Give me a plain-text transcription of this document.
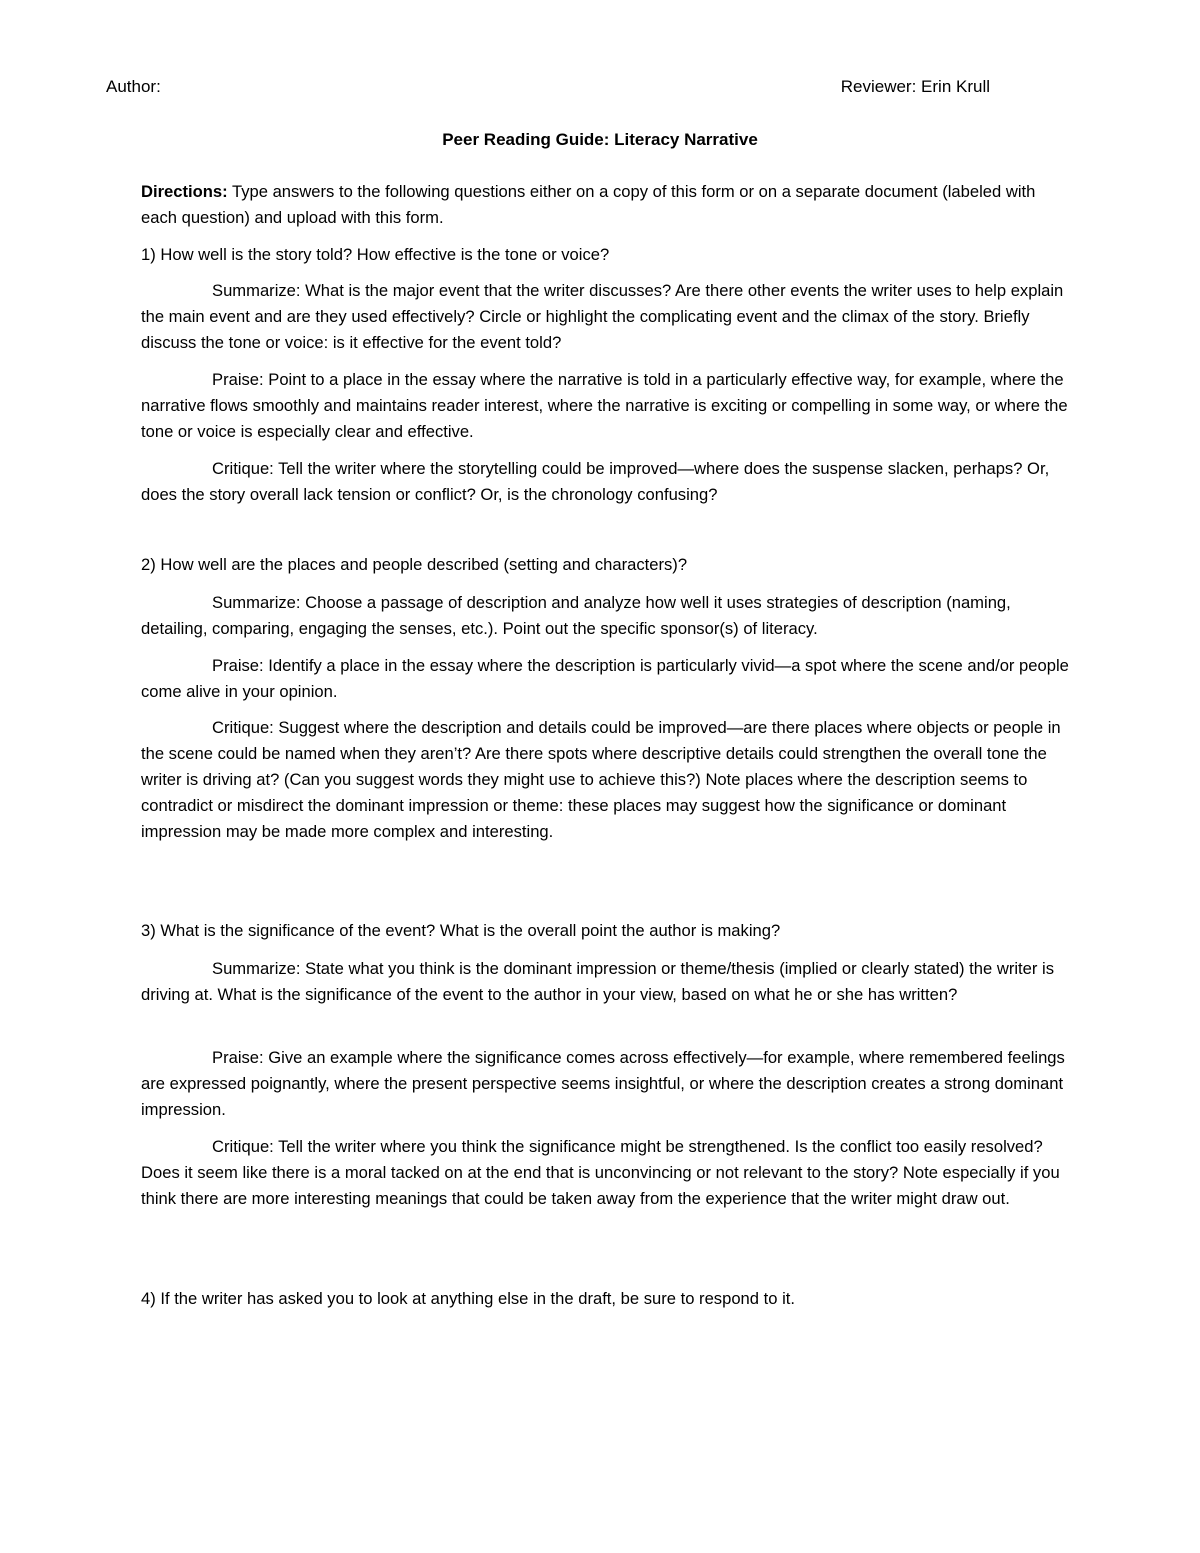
Author:	Reviewer: Erin Krull
Peer Reading Guide: Literacy Narrative
Directions: Type answers to the following questions either on a copy of this form or on a separate document (labeled with each question) and upload with this form.
1) How well is the story told? How effective is the tone or voice?
Summarize: What is the major event that the writer discusses? Are there other events the writer uses to help explain the main event and are they used effectively? Circle or highlight the complicating event and the climax of the story. Briefly discuss the tone or voice: is it effective for the event told?
Praise: Point to a place in the essay where the narrative is told in a particularly effective way, for example, where the narrative flows smoothly and maintains reader interest, where the narrative is exciting or compelling in some way, or where the tone or voice is especially clear and effective.
Critique: Tell the writer where the storytelling could be improved—where does the suspense slacken, perhaps? Or, does the story overall lack tension or conflict? Or, is the chronology confusing?
2) How well are the places and people described (setting and characters)?
Summarize: Choose a passage of description and analyze how well it uses strategies of description (naming, detailing, comparing, engaging the senses, etc.). Point out the specific sponsor(s) of literacy.
Praise: Identify a place in the essay where the description is particularly vivid—a spot where the scene and/or people come alive in your opinion.
Critique: Suggest where the description and details could be improved—are there places where objects or people in the scene could be named when they aren’t? Are there spots where descriptive details could strengthen the overall tone the writer is driving at? (Can you suggest words they might use to achieve this?) Note places where the description seems to contradict or misdirect the dominant impression or theme: these places may suggest how the significance or dominant impression may be made more complex and interesting.
3) What is the significance of the event? What is the overall point the author is making?
Summarize: State what you think is the dominant impression or theme/thesis (implied or clearly stated) the writer is driving at. What is the significance of the event to the author in your view, based on what he or she has written?
Praise: Give an example where the significance comes across effectively—for example, where remembered feelings are expressed poignantly, where the present perspective seems insightful, or where the description creates a strong dominant impression.
Critique: Tell the writer where you think the significance might be strengthened. Is the conflict too easily resolved? Does it seem like there is a moral tacked on at the end that is unconvincing or not relevant to the story? Note especially if you think there are more interesting meanings that could be taken away from the experience that the writer might draw out.
4) If the writer has asked you to look at anything else in the draft, be sure to respond to it.
